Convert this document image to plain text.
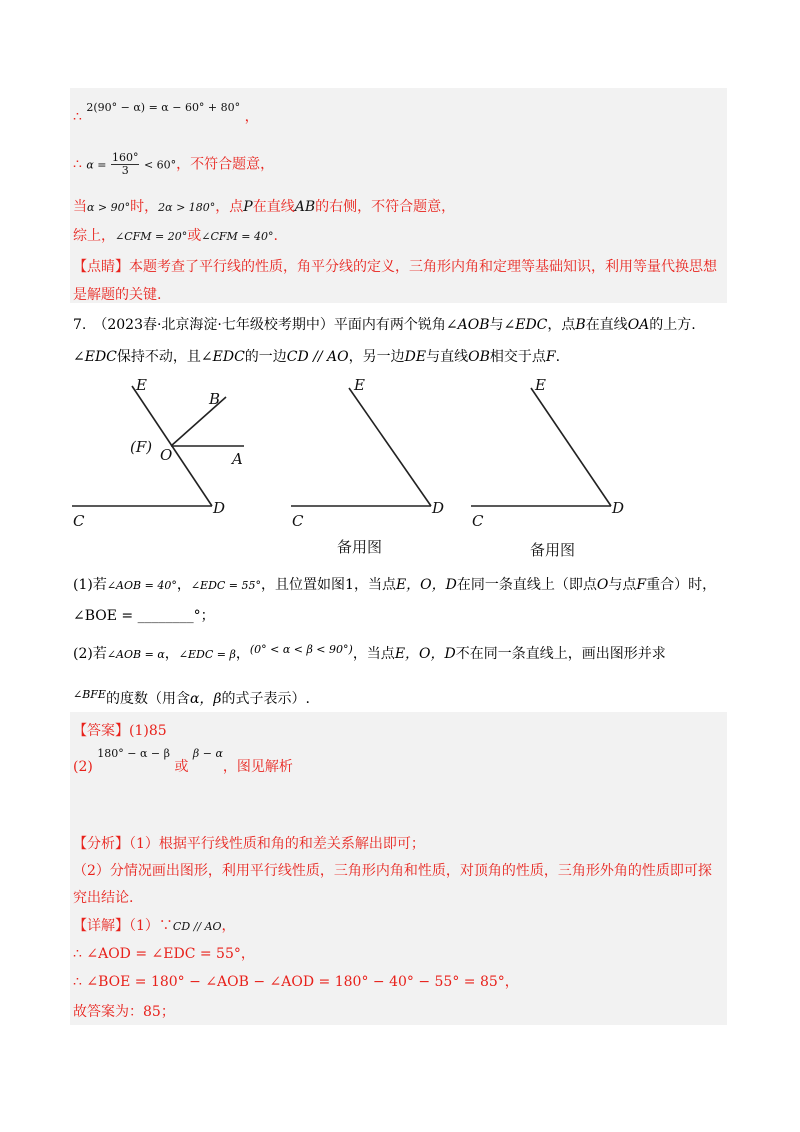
∴ $^{2(90^\circ - \alpha) = \alpha - 60^\circ + 80^\circ}$ ，
∴ $\alpha = \frac{160^\circ}{3} < 60^\circ$，不符合题意，
当α > 90°时，2α > 180°，点P在直线AB的右侧，不符合题意，
综上，∠CFM = 20°或∠CFM = 40°.
【点睛】本题考查了平行线的性质，角平分线的定义，三角形内角和定理等基础知识，利用等量代换思想
是解题的关键.
7.　（2023春·北京海淀·七年级校考期中）平面内有两个锐角∠AOB与∠EDC，点B在直线OA的上方.
∠EDC保持不动，且∠EDC的一边CD // AO，另一边DE与直线OB相交于点F.
E
B
(F) O	A
C
D
E
C
D
备用图
E
C
D
备用图
(1)若∠AOB = 40°，∠EDC = 55°，且位置如图1，当点E，O，D在同一条直线上（即点O与点F重合）时，
∠BOE = ________°；
(2)若∠AOB = α，∠EDC = β，$^{(0^\circ < \alpha < \beta < 90^\circ)}$，当点E，O，D不在同一条直线上，画出图形并求
$^{\angle BFE}$的度数（用含α，β的式子表示）.
【答案】(1)85
(2) $^{180^\circ - \alpha - \beta}$ 或 $^{\beta - \alpha}$，图见解析
【分析】（1）根据平行线性质和角的和差关系解出即可；
（2）分情况画出图形，利用平行线性质，三角形内角和性质，对顶角的性质，三角形外角的性质即可探
究出结论.
【详解】（1）∵CD // AO，
∴ ∠AOD = ∠EDC = 55°，
∴ ∠BOE = 180° − ∠AOB − ∠AOD = 180° − 40° − 55° = 85°，
故答案为：85；
